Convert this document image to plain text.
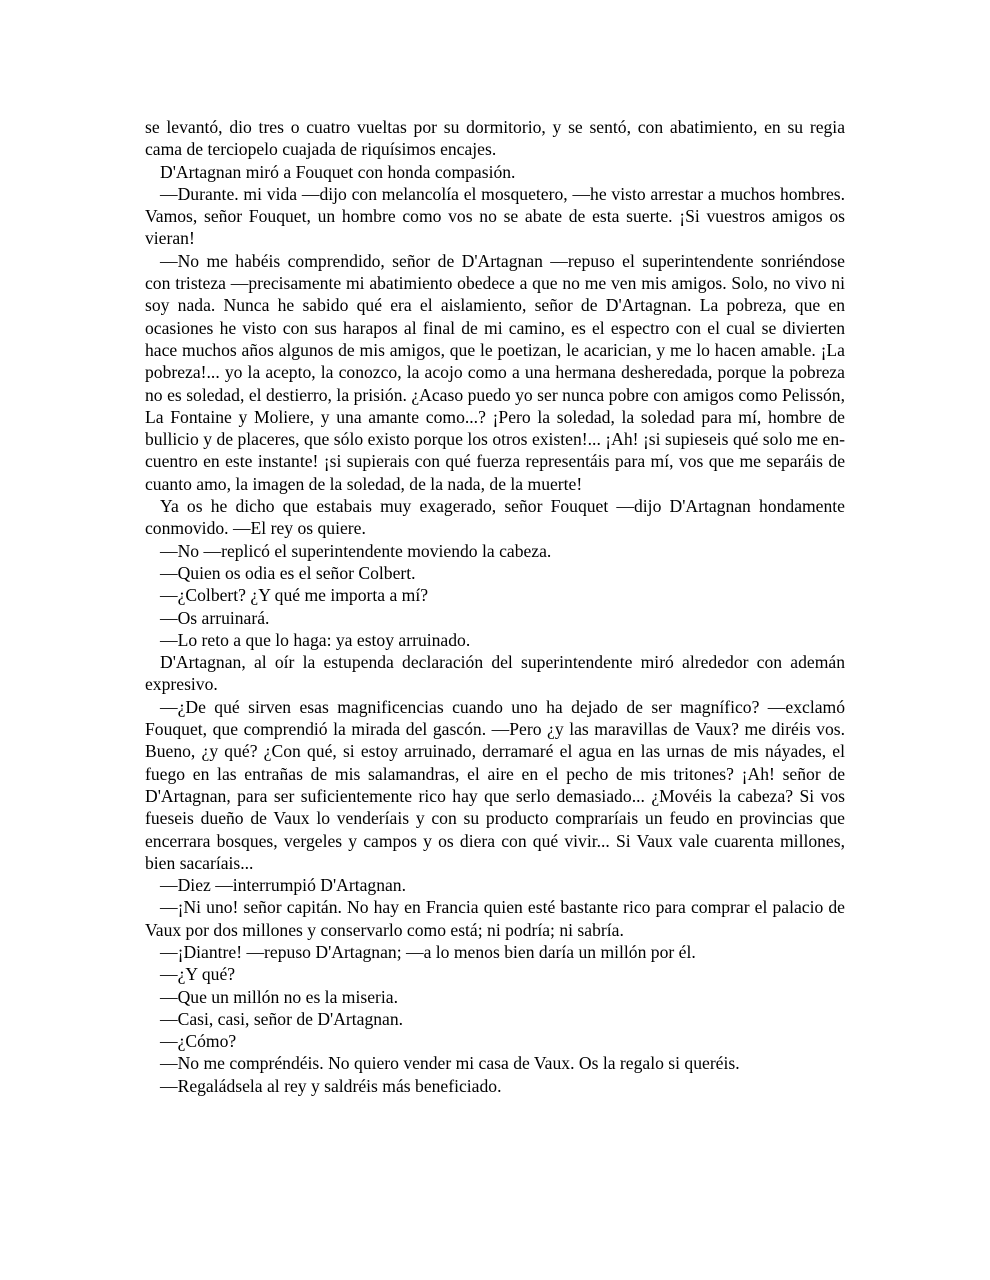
se levantó, dio tres o cuatro vueltas por su dormitorio, y se sentó, con abatimiento, en su regia cama de terciopelo cuajada de riquísimos encajes.

D'Artagnan miró a Fouquet con honda compasión.

—Durante. mi vida —dijo con melancolía el mosquetero, —he visto arrestar a muchos hombres. Vamos, señor Fouquet, un hombre como vos no se abate de esta suerte. ¡Si vuestros amigos os vieran!

—No me habéis comprendido, señor de D'Artagnan —repuso el superintendente sonriéndose con tristeza —precisamente mi abatimiento obedece a que no me ven mis amigos. Solo, no vivo ni soy nada. Nunca he sabido qué era el aislamiento, señor de D'Artagnan. La pobreza, que en ocasiones he visto con sus harapos al final de mi camino, es el espectro con el cual se divierten hace muchos años algunos de mis amigos, que le poetizan, le acarician, y me lo hacen amable. ¡La pobreza!... yo la acepto, la conozco, la acojo como a una hermana desheredada, porque la pobreza no es soledad, el destierro, la prisión. ¿Acaso puedo yo ser nunca pobre con amigos como Pelissón, La Fontaine y Moliere, y una amante como...? ¡Pero la soledad, la soledad para mí, hombre de bullicio y de placeres, que sólo existo porque los otros existen!... ¡Ah! ¡si supieseis qué solo me encuentro en este instante! ¡si supierais con qué fuerza representáis para mí, vos que me separáis de cuanto amo, la imagen de la soledad, de la nada, de la muerte!

Ya os he dicho que estabais muy exagerado, señor Fouquet —dijo D'Artagnan hondamente conmovido. —El rey os quiere.

—No —replicó el superintendente moviendo la cabeza.

—Quien os odia es el señor Colbert.

—¿Colbert? ¿Y qué me importa a mí?

—Os arruinará.

—Lo reto a que lo haga: ya estoy arruinado.

D'Artagnan, al oír la estupenda declaración del superintendente miró alrededor con ademán expresivo.

—¿De qué sirven esas magnificencias cuando uno ha dejado de ser magnífico? —exclamó Fouquet, que comprendió la mirada del gascón. —Pero ¿y las maravillas de Vaux? me diréis vos. Bueno, ¿y qué? ¿Con qué, si estoy arruinado, derramaré el agua en las urnas de mis náyades, el fuego en las entrañas de mis salamandras, el aire en el pecho de mis tritones? ¡Ah! señor de D'Artagnan, para ser suficientemente rico hay que serlo demasiado... ¿Movéis la cabeza? Si vos fueseis dueño de Vaux lo venderíais y con su producto compraríais un feudo en provincias que encerrara bosques, vergeles y campos y os diera con qué vivir... Si Vaux vale cuarenta millones, bien sacaríais...

—Diez —interrumpió D'Artagnan.

—¡Ni uno! señor capitán. No hay en Francia quien esté bastante rico para comprar el palacio de Vaux por dos millones y conservarlo como está; ni podría; ni sabría.

—¡Diantre! —repuso D'Artagnan; —a lo menos bien daría un millón por él.

—¿Y qué?

—Que un millón no es la miseria.

—Casi, casi, señor de D'Artagnan.

—¿Cómo?

—No me compréndéis. No quiero vender mi casa de Vaux. Os la regalo si queréis.

—Regaládsela al rey y saldréis más beneficiado.
